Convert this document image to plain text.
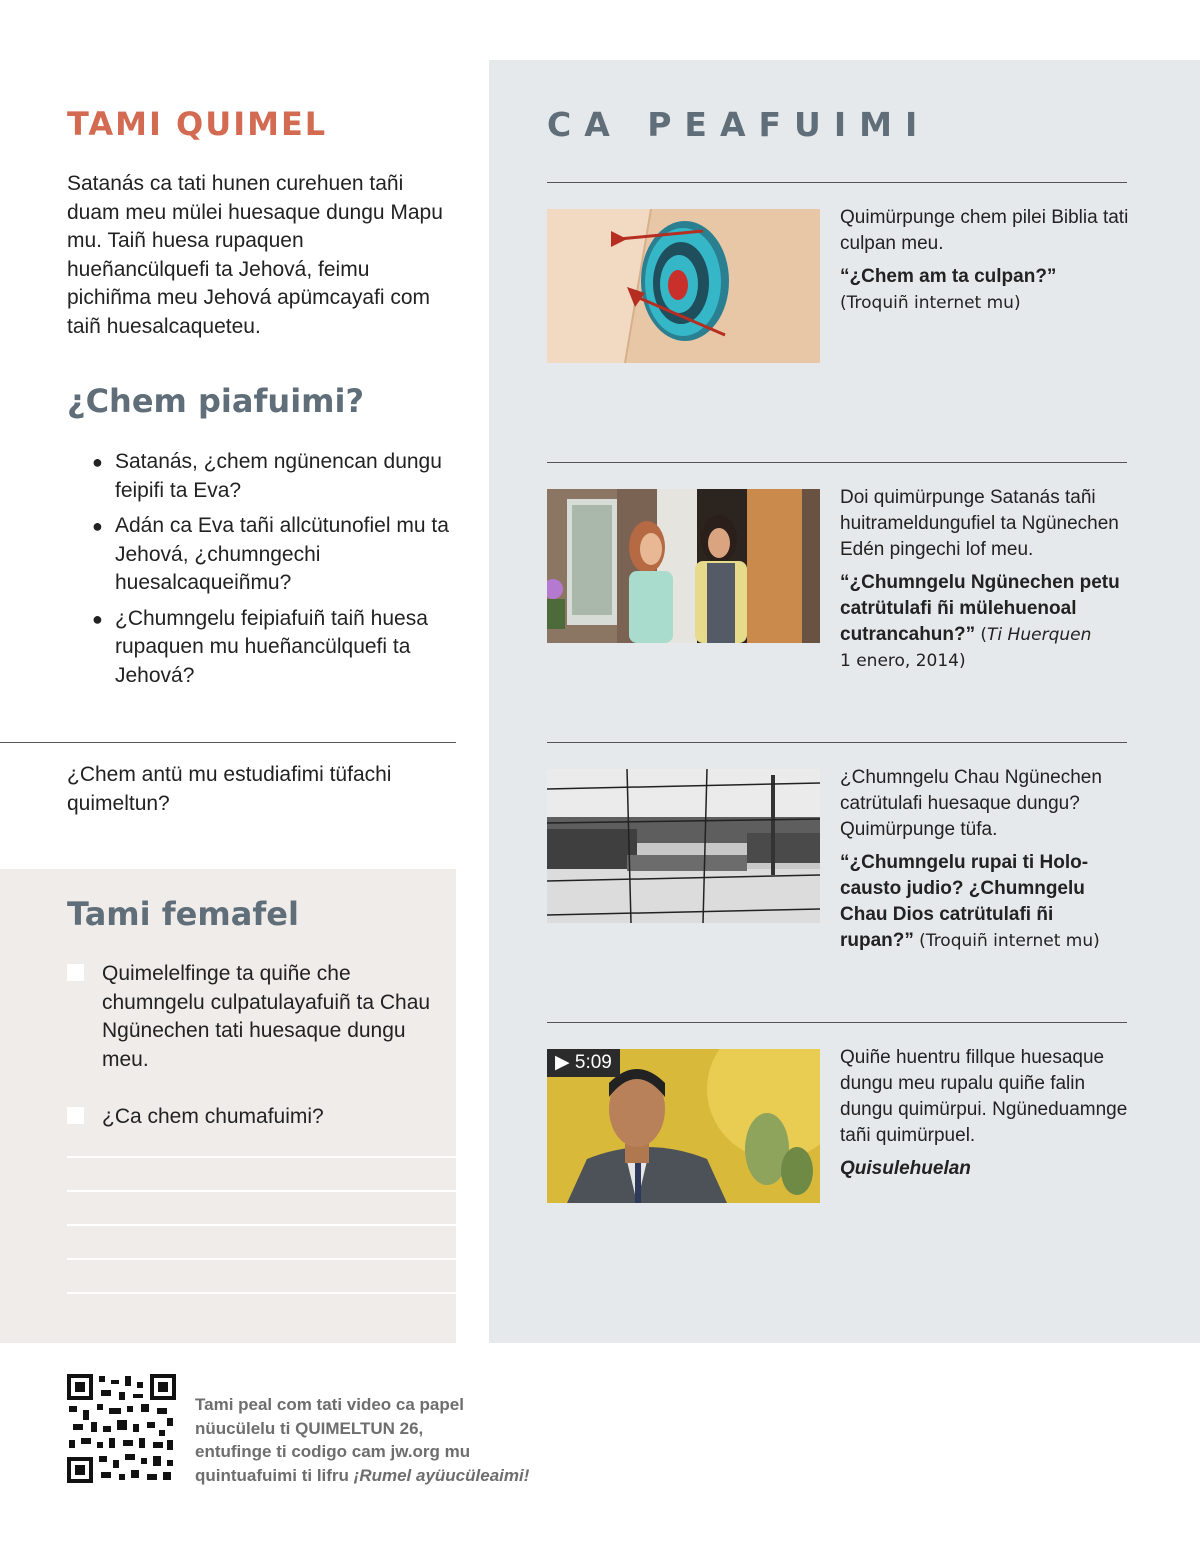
TAMI QUIMEL

Satanás ca tati hunen curehuen tañi duam meu mülei huesaque dungu Mapu mu. Taiñ huesa rupaquen hueñancülquefi ta Jehová, feimu pichiñma meu Jehová apümcayafi com taiñ huesalcaqueteu.

¿Chem piafuimi?
● Satanás, ¿chem ngünencan dungu feipifi ta Eva?
● Adán ca Eva tañi allcütunofiel mu ta Jehová, ¿chumngechi huesalcaqueiñmu?
● ¿Chumngelu feipiafuiñ taiñ huesa rupaquen mu hueñancülquefi ta Jehová?

¿Chem antü mu estudiafimi tüfachi quimeltun?

Tami femafel
Quimelelfinge ta quiñe che chumngelu culpatulayafuiñ ta Chau Ngünechen tati huesaque dungu meu.
¿Ca chem chumafuimi?
CA PEAFUIMI
Quimürpunge chem pilei Biblia tati culpan meu.
“¿Chem am ta culpan?”
(Troquiñ internet mu)
Doi quimürpunge Satanás tañi huitrameldungufiel ta Ngünechen Edén pingechi lof meu.
“¿Chumngelu Ngünechen petu catrütulafi ñi mülehuenoal cutrancahun?” (Ti Huerquen
1 enero, 2014)
¿Chumngelu Chau Ngünechen catrütulafi huesaque dungu? Quimürpunge tüfa.
“¿Chumngelu rupai ti Holocausto judio? ¿Chumngelu Chau Dios catrütulafi ñi rupan?” (Troquiñ internet mu)
▶ 5:09	Quiñe huentru fillque huesaque dungu meu rupalu quiñe falin dungu quimürpui. Ngüneduamnge tañi quimürpuel.
Quisulehuelan
Tami peal com tati video ca papel
nüucülelu ti QUIMELTUN 26,
entufinge ti codigo cam jw.org mu
quintuafuimi ti lifru ¡Rumel ayüucüleaimi!
